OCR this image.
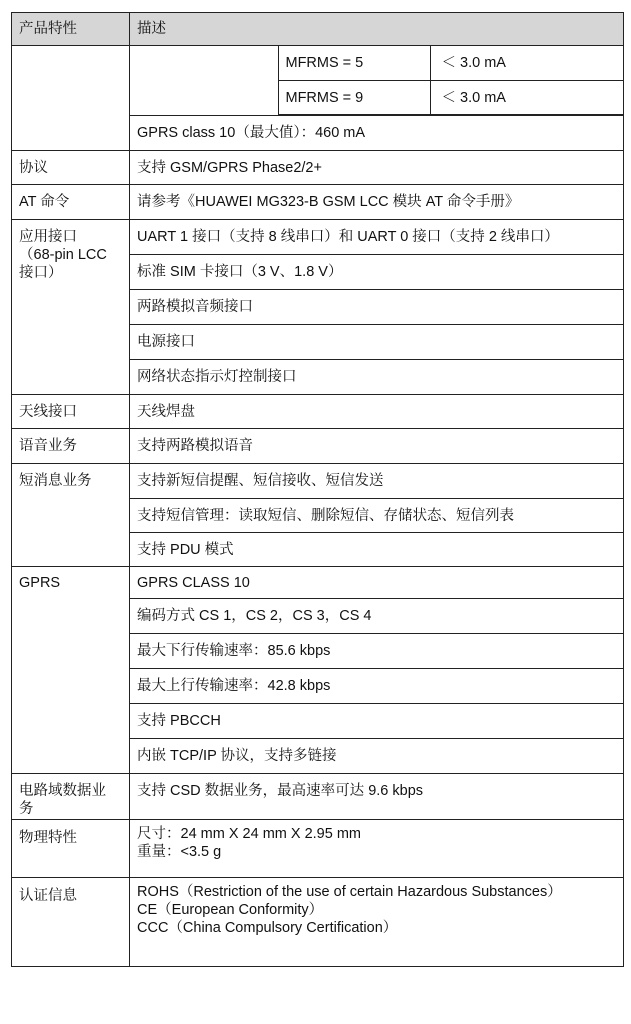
产品特性	描述

	MFRMS = 5	＜ 3.0 mA
MFRMS = 9	＜ 3.0 mA

GPRS class 10（最大值）：460 mA
协议	支持 GSM/GPRS Phase2/2+
AT 命令	请参考《HUAWEI MG323-B GSM LCC 模块 AT 命令手册》

应用接口
（68-pin LCC
接口）
	UART 1 接口（支持 8 线串口）和 UART 0 接口（支持 2 线串口）
标准 SIM 卡接口（3 V、1.8 V）
两路模拟音频接口
电源接口
网络状态指示灯控制接口
天线接口	天线焊盘
语音业务	支持两路模拟语音
短消息业务	支持新短信提醒、短信接收、短信发送
支持短信管理：读取短信、删除短信、存储状态、短信列表
支持 PDU 模式
GPRS	GPRS CLASS 10
编码方式 CS 1，CS 2，CS 3，CS 4
最大下行传输速率：85.6 kbps
最大上行传输速率：42.8 kbps
支持 PBCCH
内嵌 TCP/IP 协议，支持多链接

电路域数据业
务
	支持 CSD 数据业务，最高速率可达 9.6 kbps
物理特性	尺寸：24 mm X 24 mm X 2.95 mm
重量：<3.5 g

认证信息	ROHS（Restriction of the use of certain Hazardous Substances）
CE（European Conformity）
CCC（China Compulsory Certification）
